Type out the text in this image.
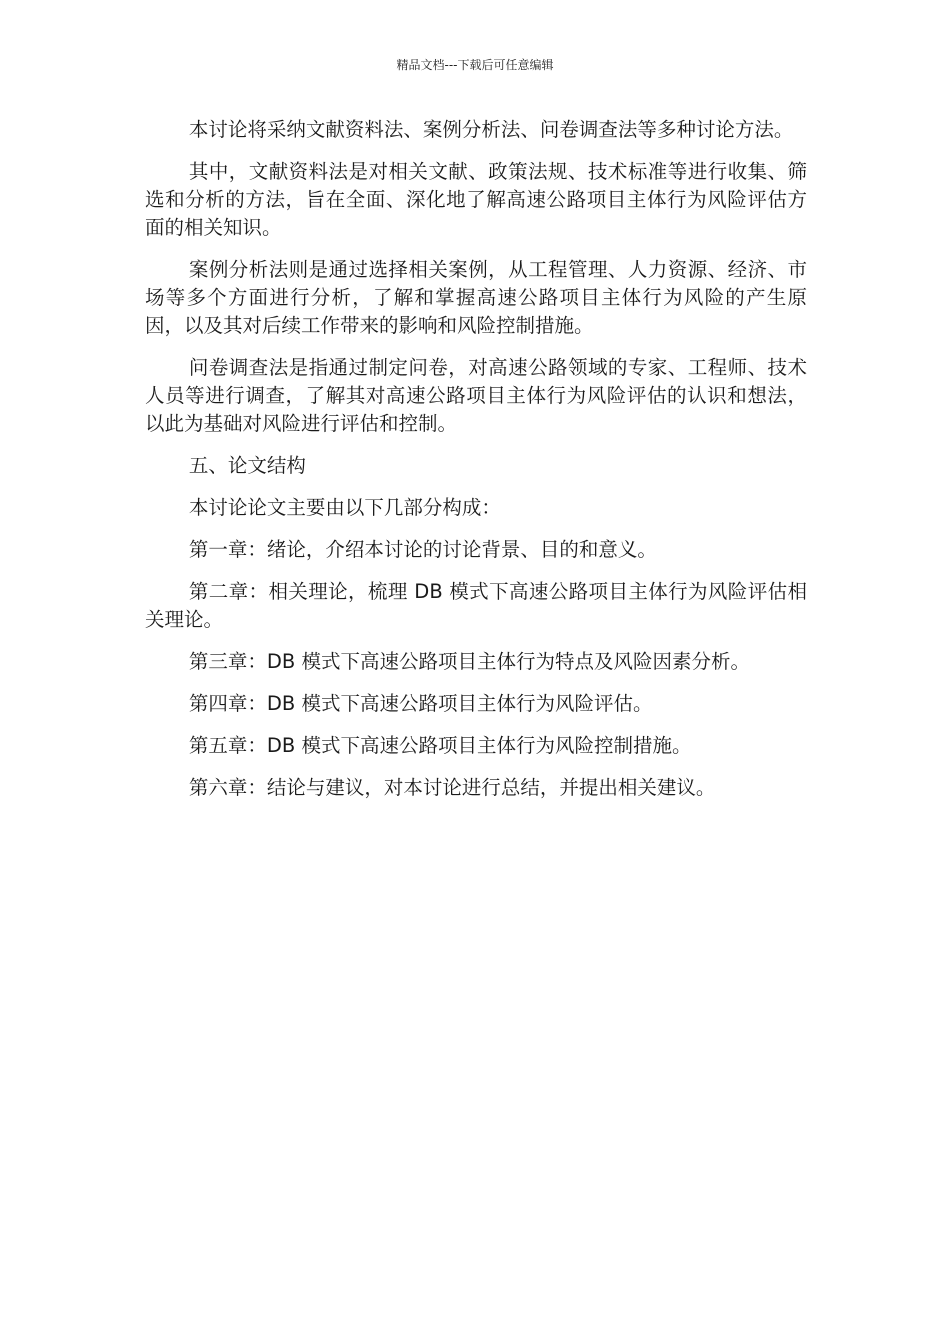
精品文档---下载后可任意编辑

本讨论将采纳文献资料法、案例分析法、问卷调查法等多种讨论方法。

其中，文献资料法是对相关文献、政策法规、技术标准等进行收集、筛选和分析的方法，旨在全面、深化地了解高速公路项目主体行为风险评估方面的相关知识。

案例分析法则是通过选择相关案例，从工程管理、人力资源、经济、市场等多个方面进行分析，了解和掌握高速公路项目主体行为风险的产生原因，以及其对后续工作带来的影响和风险控制措施。

问卷调查法是指通过制定问卷，对高速公路领域的专家、工程师、技术人员等进行调查，了解其对高速公路项目主体行为风险评估的认识和想法，以此为基础对风险进行评估和控制。

五、论文结构

本讨论论文主要由以下几部分构成：

第一章：绪论，介绍本讨论的讨论背景、目的和意义。

第二章：相关理论，梳理 DB 模式下高速公路项目主体行为风险评估相关理论。

第三章：DB 模式下高速公路项目主体行为特点及风险因素分析。

第四章：DB 模式下高速公路项目主体行为风险评估。

第五章：DB 模式下高速公路项目主体行为风险控制措施。

第六章：结论与建议，对本讨论进行总结，并提出相关建议。
